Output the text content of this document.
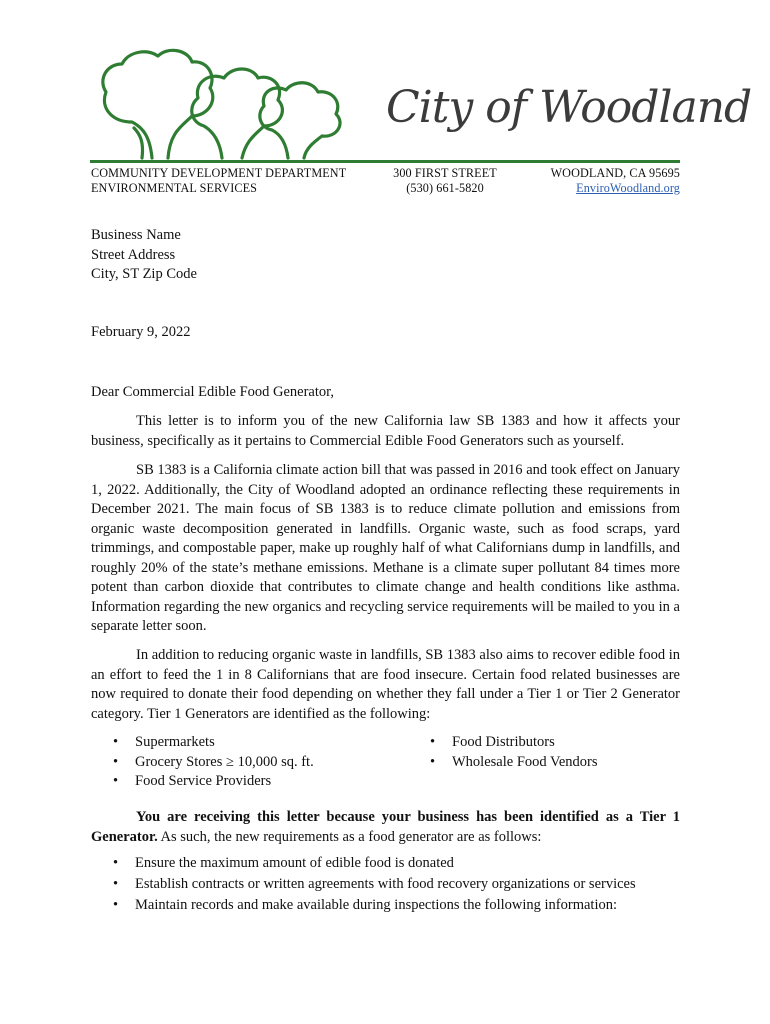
City of Woodland
COMMUNITY DEVELOPMENT DEPARTMENT
ENVIRONMENTAL SERVICES
300 FIRST STREET
(530) 661-5820
WOODLAND, CA 95695
EnviroWoodland.org
Business Name
Street Address
City, ST Zip Code
February 9, 2022
Dear Commercial Edible Food Generator,

This letter is to inform you of the new California law SB 1383 and how it affects your business, specifically as it pertains to Commercial Edible Food Generators such as yourself.

SB 1383 is a California climate action bill that was passed in 2016 and took effect on January 1, 2022. Additionally, the City of Woodland adopted an ordinance reflecting these requirements in December 2021. The main focus of SB 1383 is to reduce climate pollution and emissions from organic waste decomposition generated in landfills. Organic waste, such as food scraps, yard trimmings, and compostable paper, make up roughly half of what Californians dump in landfills, and roughly 20% of the state’s methane emissions. Methane is a climate super pollutant 84 times more potent than carbon dioxide that contributes to climate change and health conditions like asthma. Information regarding the new organics and recycling service requirements will be mailed to you in a separate letter soon.

In addition to reducing organic waste in landfills, SB 1383 also aims to recover edible food in an effort to feed the 1 in 8 Californians that are food insecure. Certain food related businesses are now required to donate their food depending on whether they fall under a Tier 1 or Tier 2 Generator category. Tier 1 Generators are identified as the following:

• Supermarkets
• Grocery Stores ≥ 10,000 sq. ft.
• Food Service Providers
• Food Distributors
• Wholesale Food Vendors

You are receiving this letter because your business has been identified as a Tier 1 Generator. As such, the new requirements as a food generator are as follows:

• Ensure the maximum amount of edible food is donated
• Establish contracts or written agreements with food recovery organizations or services
• Maintain records and make available during inspections the following information:
